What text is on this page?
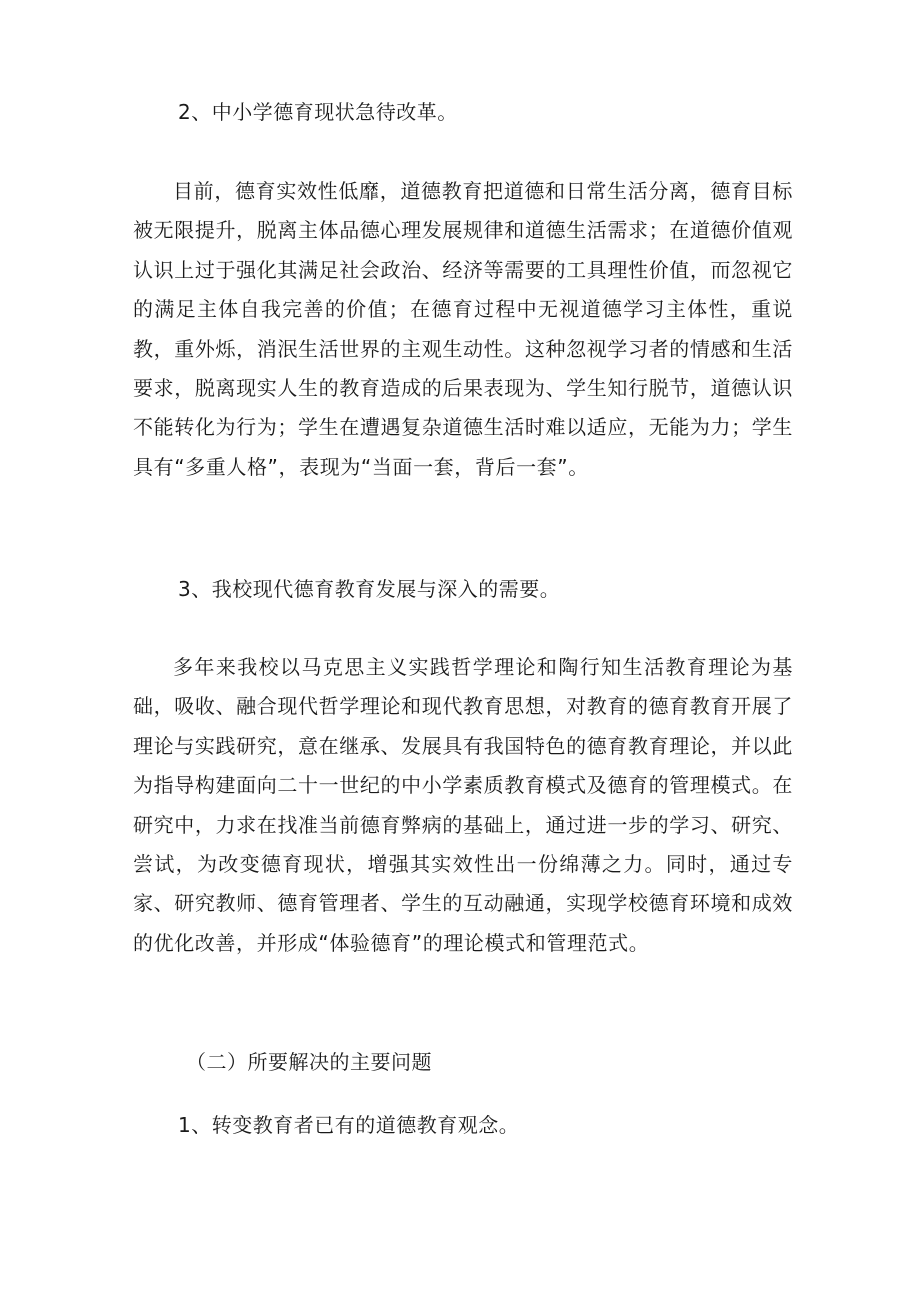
2、中小学德育现状急待改革。

目前，德育实效性低靡，道德教育把道德和日常生活分离，德育目标被无限提升，脱离主体品德心理发展规律和道德生活需求；在道德价值观认识上过于强化其满足社会政治、经济等需要的工具理性价值，而忽视它的满足主体自我完善的价值；在德育过程中无视道德学习主体性，重说教，重外烁，消泯生活世界的主观生动性。这种忽视学习者的情感和生活要求，脱离现实人生的教育造成的后果表现为、学生知行脱节，道德认识不能转化为行为；学生在遭遇复杂道德生活时难以适应，无能为力；学生具有“多重人格”，表现为“当面一套，背后一套”。

3、我校现代德育教育发展与深入的需要。

多年来我校以马克思主义实践哲学理论和陶行知生活教育理论为基础，吸收、融合现代哲学理论和现代教育思想，对教育的德育教育开展了理论与实践研究，意在继承、发展具有我国特色的德育教育理论，并以此为指导构建面向二十一世纪的中小学素质教育模式及德育的管理模式。在研究中，力求在找准当前德育弊病的基础上，通过进一步的学习、研究、尝试，为改变德育现状，增强其实效性出一份绵薄之力。同时，通过专家、研究教师、德育管理者、学生的互动融通，实现学校德育环境和成效的优化改善，并形成“体验德育”的理论模式和管理范式。

（二）所要解决的主要问题

1、转变教育者已有的道德教育观念。
